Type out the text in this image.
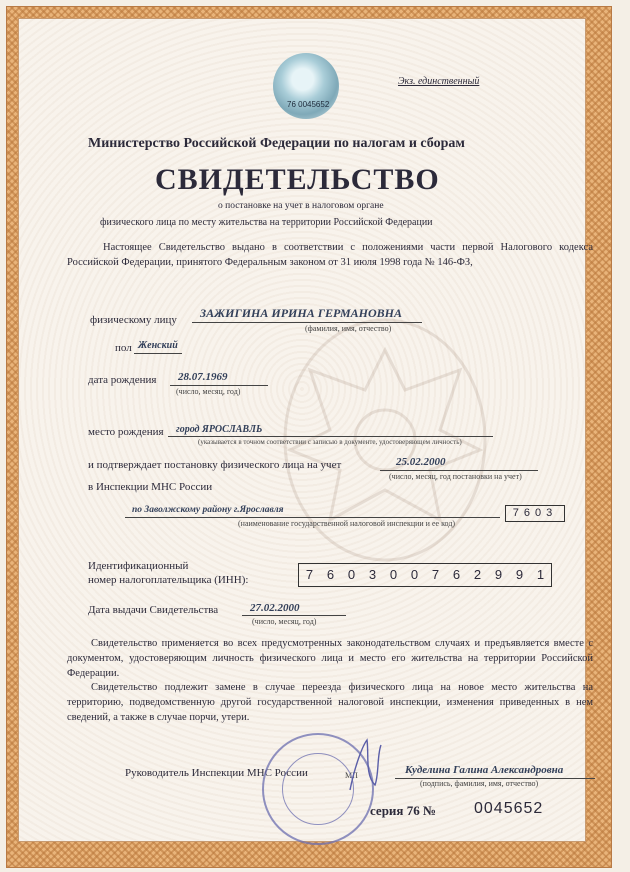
76 0045652
Экз. единственный
Министерство Российской Федерации по налогам и сборам
СВИДЕТЕЛЬСТВО
о постановке на учет в налоговом органе
физического лица по месту жительства на территории Российской Федерации
Настоящее Свидетельство выдано в соответствии с положениями части первой Налогового кодекса Российской Федерации, принятого Федеральным законом от 31 июля 1998 года № 146-ФЗ,
физическому лицу ЗАЖИГИНА ИРИНА ГЕРМАНОВНА
(фамилия, имя, отчество)
пол Женский
дата рождения 28.07.1969
(число, месяц, год)
место рождения город ЯРОСЛАВЛЬ
(указывается в точном соответствии с записью в документе, удостоверяющем личность)
и подтверждает постановку физического лица на учет	25.02.2000
(число, месяц, год постановки на учет)
в Инспекции МНС России
по Заволжскому району г.Ярославля
(наименование государственной налоговой инспекции и ее код)
7603
Идентификационный
номер налогоплательщика (ИНН):	7 6 0 3 0 0 7 6 2 9 9 1
Дата выдачи Свидетельства	27.02.2000
(число, месяц, год)
Свидетельство применяется во всех предусмотренных законодательством случаях и предъявляется вместе с документом, удостоверяющим личность физического лица и место его жительства на территории Российской Федерации.
Свидетельство подлежит замене в случае переезда физического лица на новое место жительства на территорию, подведомственную другой государственной налоговой инспекции, изменения приведенных в нем сведений, а также в случае порчи, утери.
Руководитель Инспекции МНС России	МП	Куделина Галина Александровна
(подпись, фамилия, имя, отчество)
серия 76 № 0045652
